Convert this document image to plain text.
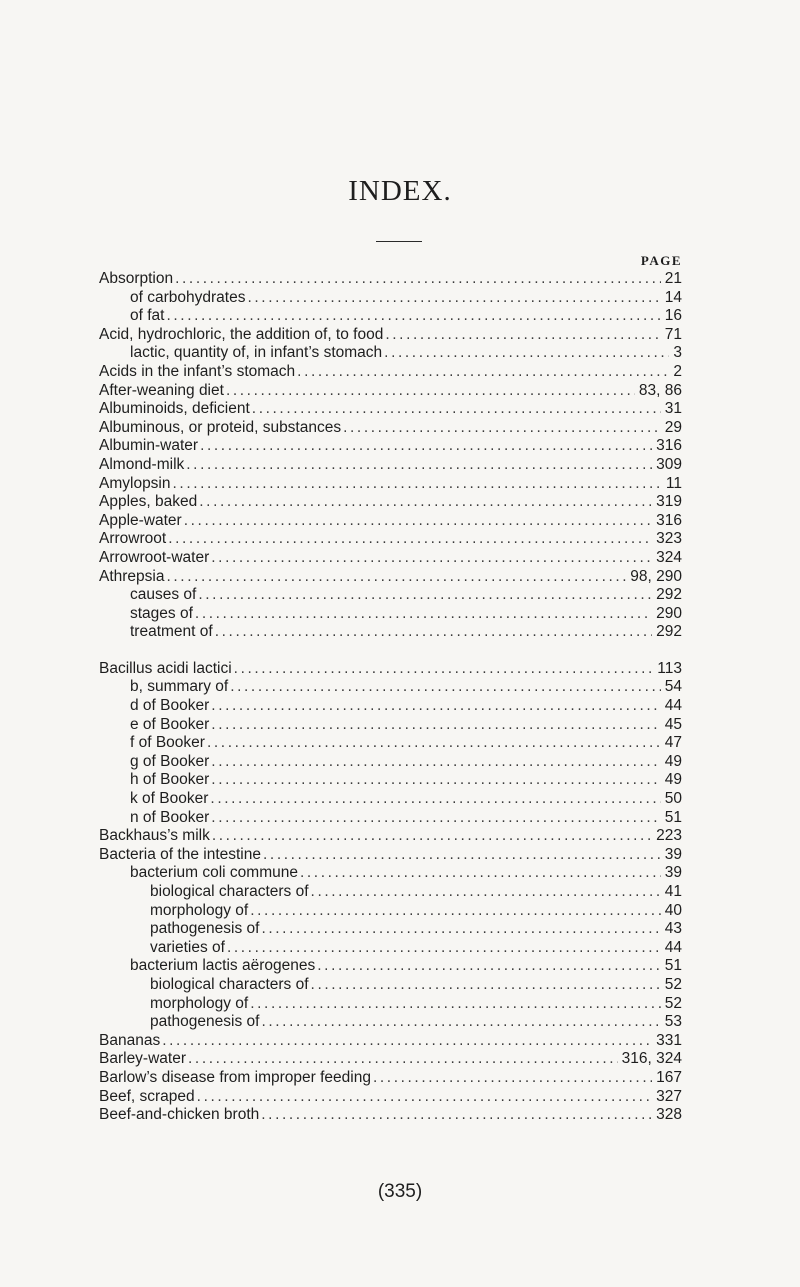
INDEX.
PAGE
Absorption .....	21
of carbohydrates .....	14
of fat .....	16
Acid, hydrochloric, the addition of, to food .....	71
lactic, quantity of, in infant’s stomach .....	3
Acids in the infant’s stomach .....	2
After-weaning diet .....	83, 86
Albuminoids, deficient .....	31
Albuminous, or proteid, substances .....	29
Albumin-water .....	316
Almond-milk .....	309
Amylopsin .....	11
Apples, baked .....	319
Apple-water .....	316
Arrowroot .....	323
Arrowroot-water .....	324
Athrepsia .....	98, 290
causes of .....	292
stages of .....	290
treatment of .....	292
Bacillus acidi lactici .....	113
b, summary of .....	54
d of Booker .....	44
e of Booker .....	45
f of Booker .....	47
g of Booker .....	49
h of Booker .....	49
k of Booker .....	50
n of Booker .....	51
Backhaus’s milk .....	223
Bacteria of the intestine .....	39
bacterium coli commune .....	39
biological characters of .....	41
morphology of .....	40
pathogenesis of .....	43
varieties of .....	44
bacterium lactis aërogenes .....	51
biological characters of .....	52
morphology of .....	52
pathogenesis of .....	53
Bananas .....	331
Barley-water .....	316, 324
Barlow’s disease from improper feeding .....	167
Beef, scraped .....	327
Beef-and-chicken broth .....	328
(335)
